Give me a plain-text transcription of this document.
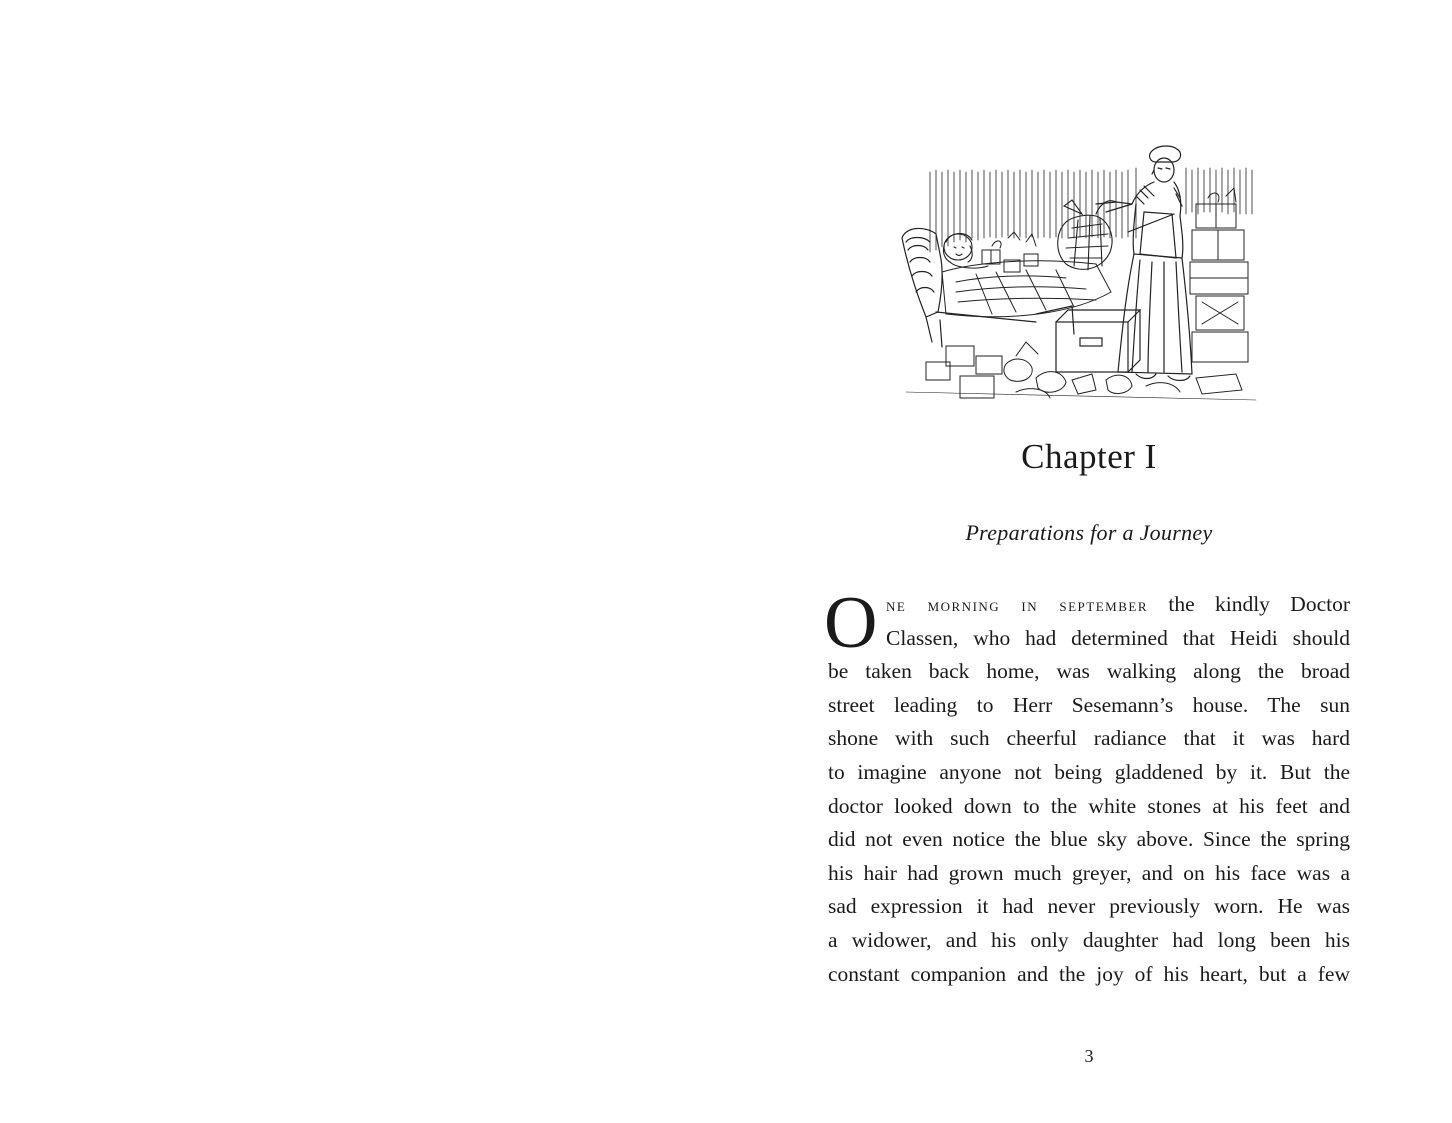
Chapter I
Preparations for a Journey
O ne morning in september the kindly Doctor
Classen, who had determined that Heidi should
be taken back home, was walking along the broad
street leading to Herr Sesemann’s house. The sun
shone with such cheerful radiance that it was hard
to imagine anyone not being gladdened by it. But the
doctor looked down to the white stones at his feet and
did not even notice the blue sky above. Since the spring
his hair had grown much greyer, and on his face was a
sad expression it had never previously worn. He was
a widower, and his only daughter had long been his
constant companion and the joy of his heart, but a few
3
